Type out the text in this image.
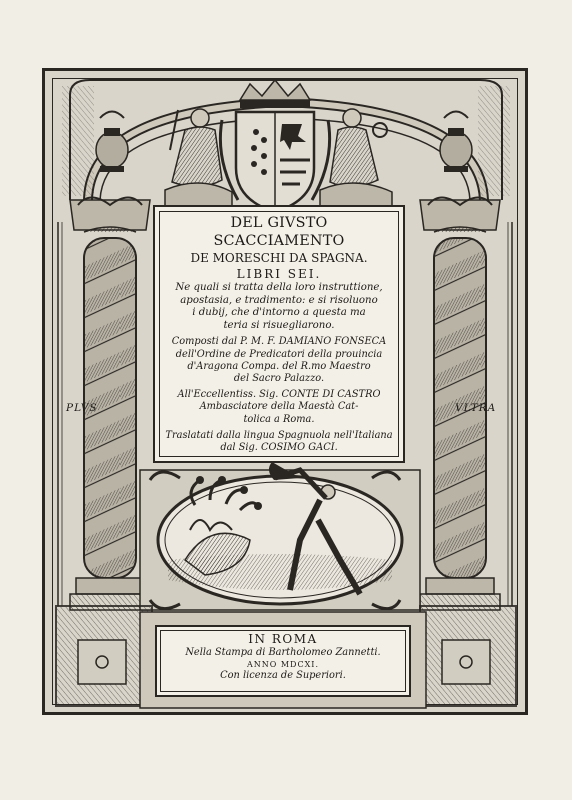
DEL GIVSTO SCACCIAMENTO
DE MORESCHI DA SPAGNA.
LIBRI SEI.
Ne quali si tratta della loro instruttione,
apostasia, e tradimento: e si risoluono
i dubij, che d'intorno a questa ma
teria si risuegliarono.
Composti dal P. M. F. DAMIANO FONSECA
dell'Ordine de Predicatori della prouincia
d'Aragona Compa. del R.mo Maestro
del Sacro Palazzo.
All'Eccellentiss. Sig. CONTE DI CASTRO
Ambasciatore della Maestà Cat-
tolica a Roma.
Traslatati dalla lingua Spagnuola nell'Italiana
dal Sig. COSIMO GACI.
PLVS	VLTRA
IN ROMA
Nella Stampa di Bartholomeo Zannetti.
ANNO MDCXI.
Con licenza de Superiori.
